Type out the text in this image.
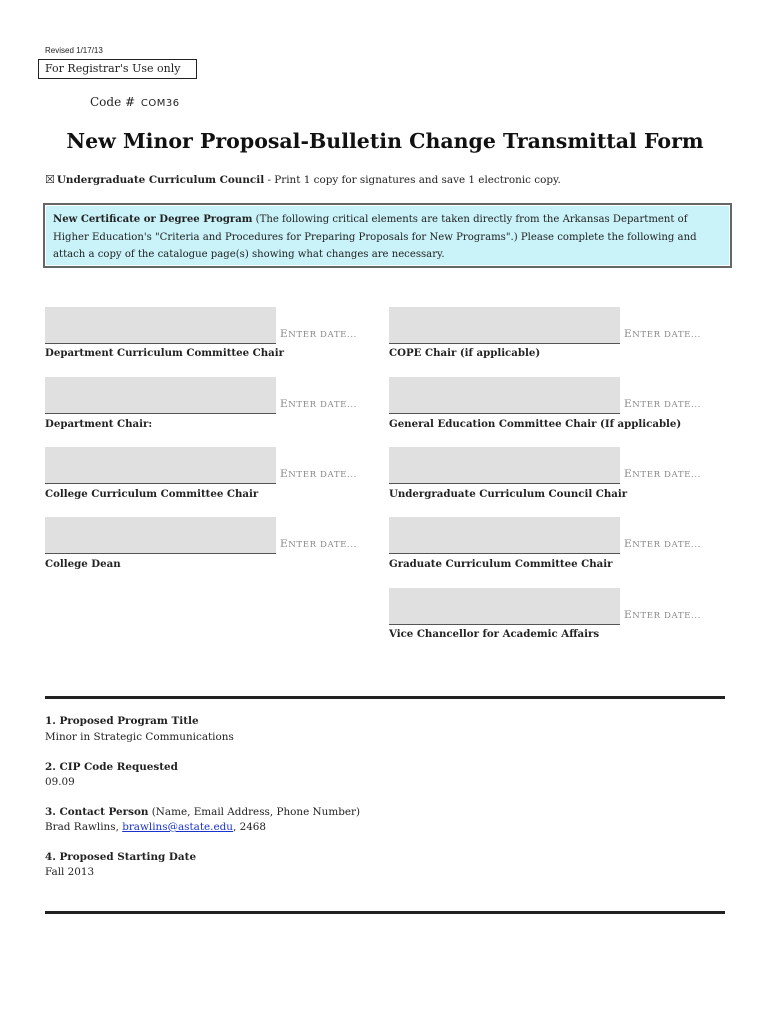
Revised 1/17/13
For Registrar's Use only
Code # COM36
New Minor Proposal-Bulletin Change Transmittal Form
☒ Undergraduate Curriculum Council - Print 1 copy for signatures and save 1 electronic copy.
New Certificate or Degree Program (The following critical elements are taken directly from the Arkansas Department of Higher Education's "Criteria and Procedures for Preparing Proposals for New Programs".) Please complete the following and attach a copy of the catalogue page(s) showing what changes are necessary.
ENTER DATE...
Department Curriculum Committee Chair
ENTER DATE...
Department Chair:
ENTER DATE...
College Curriculum Committee Chair
ENTER DATE...
College Dean
ENTER DATE...
COPE Chair (if applicable)
ENTER DATE...
General Education Committee Chair (If applicable)
ENTER DATE...
Undergraduate Curriculum Council Chair
ENTER DATE...
Graduate Curriculum Committee Chair
ENTER DATE...
Vice Chancellor for Academic Affairs
1. Proposed Program Title
Minor in Strategic Communications
2. CIP Code Requested
09.09
3. Contact Person (Name, Email Address, Phone Number)
Brad Rawlins, brawlins@astate.edu, 2468
4. Proposed Starting Date
Fall 2013
